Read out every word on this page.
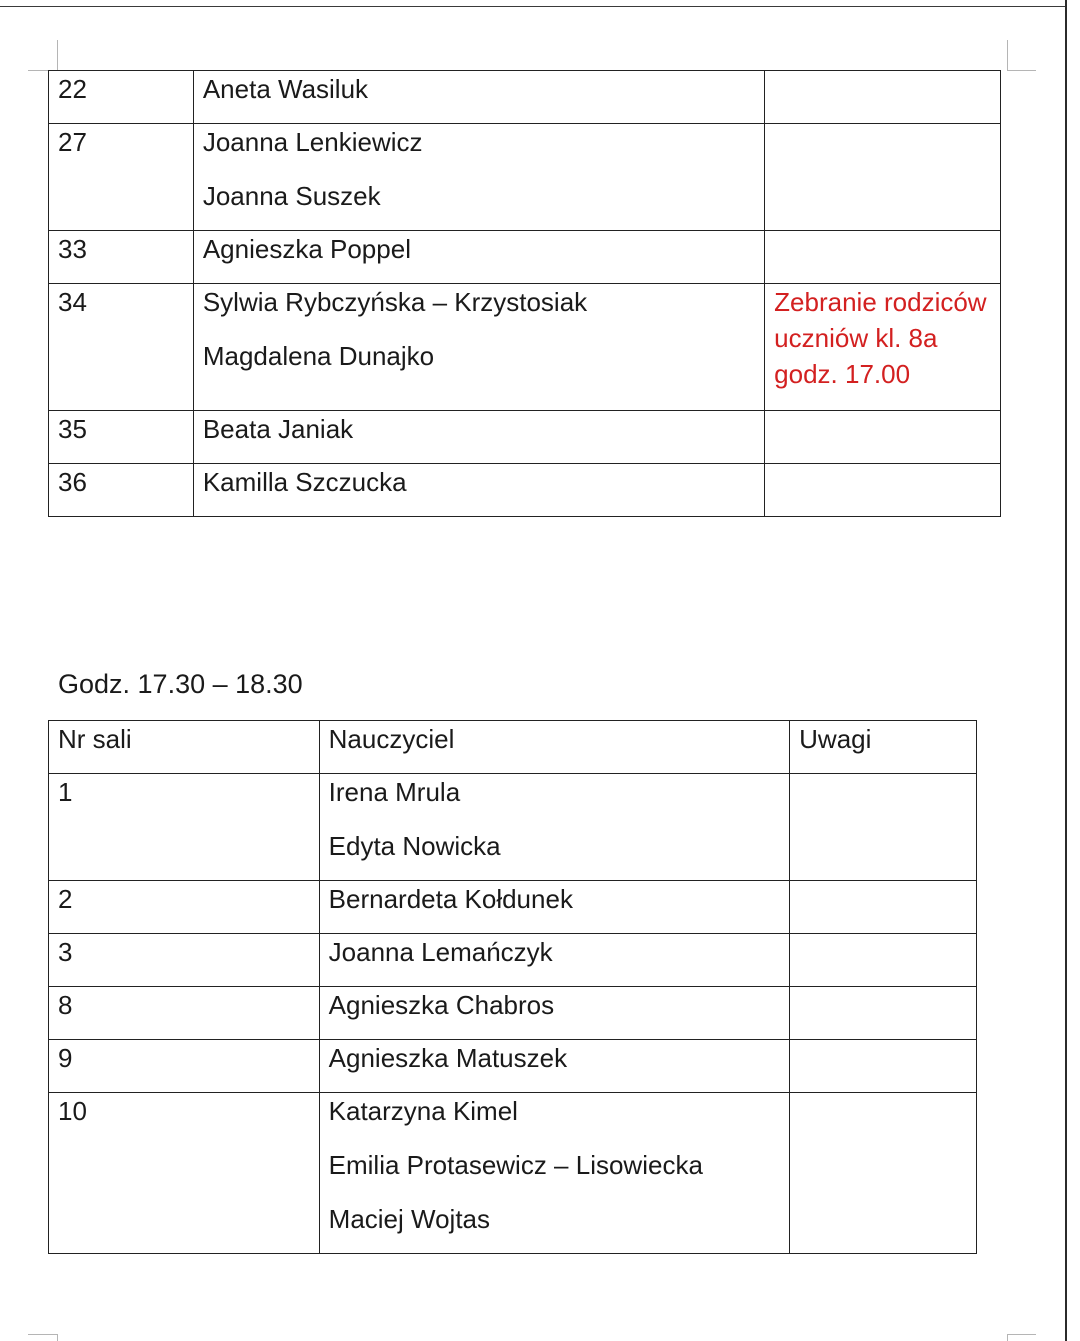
22	Aneta Wasiluk	

27	Joanna Lenkiewicz

Joanna Suszek	

33	Agnieszka Poppel	

34	Sylwia Rybczyńska – Krzystosiak

Magdalena Dunajko	Zebranie rodziców uczniów kl. 8a godz. 17.00

35	Beata Janiak	

36	Kamilla Szczucka	

Godz. 17.30 – 18.30

Nr sali	Nauczyciel	Uwagi

1	Irena Mrula

Edyta Nowicka	

2	Bernardeta Kołdunek	

3	Joanna Lemańczyk	

8	Agnieszka Chabros	

9	Agnieszka Matuszek	

10	Katarzyna Kimel

Emilia Protasewicz – Lisowiecka

Maciej Wojtas	
